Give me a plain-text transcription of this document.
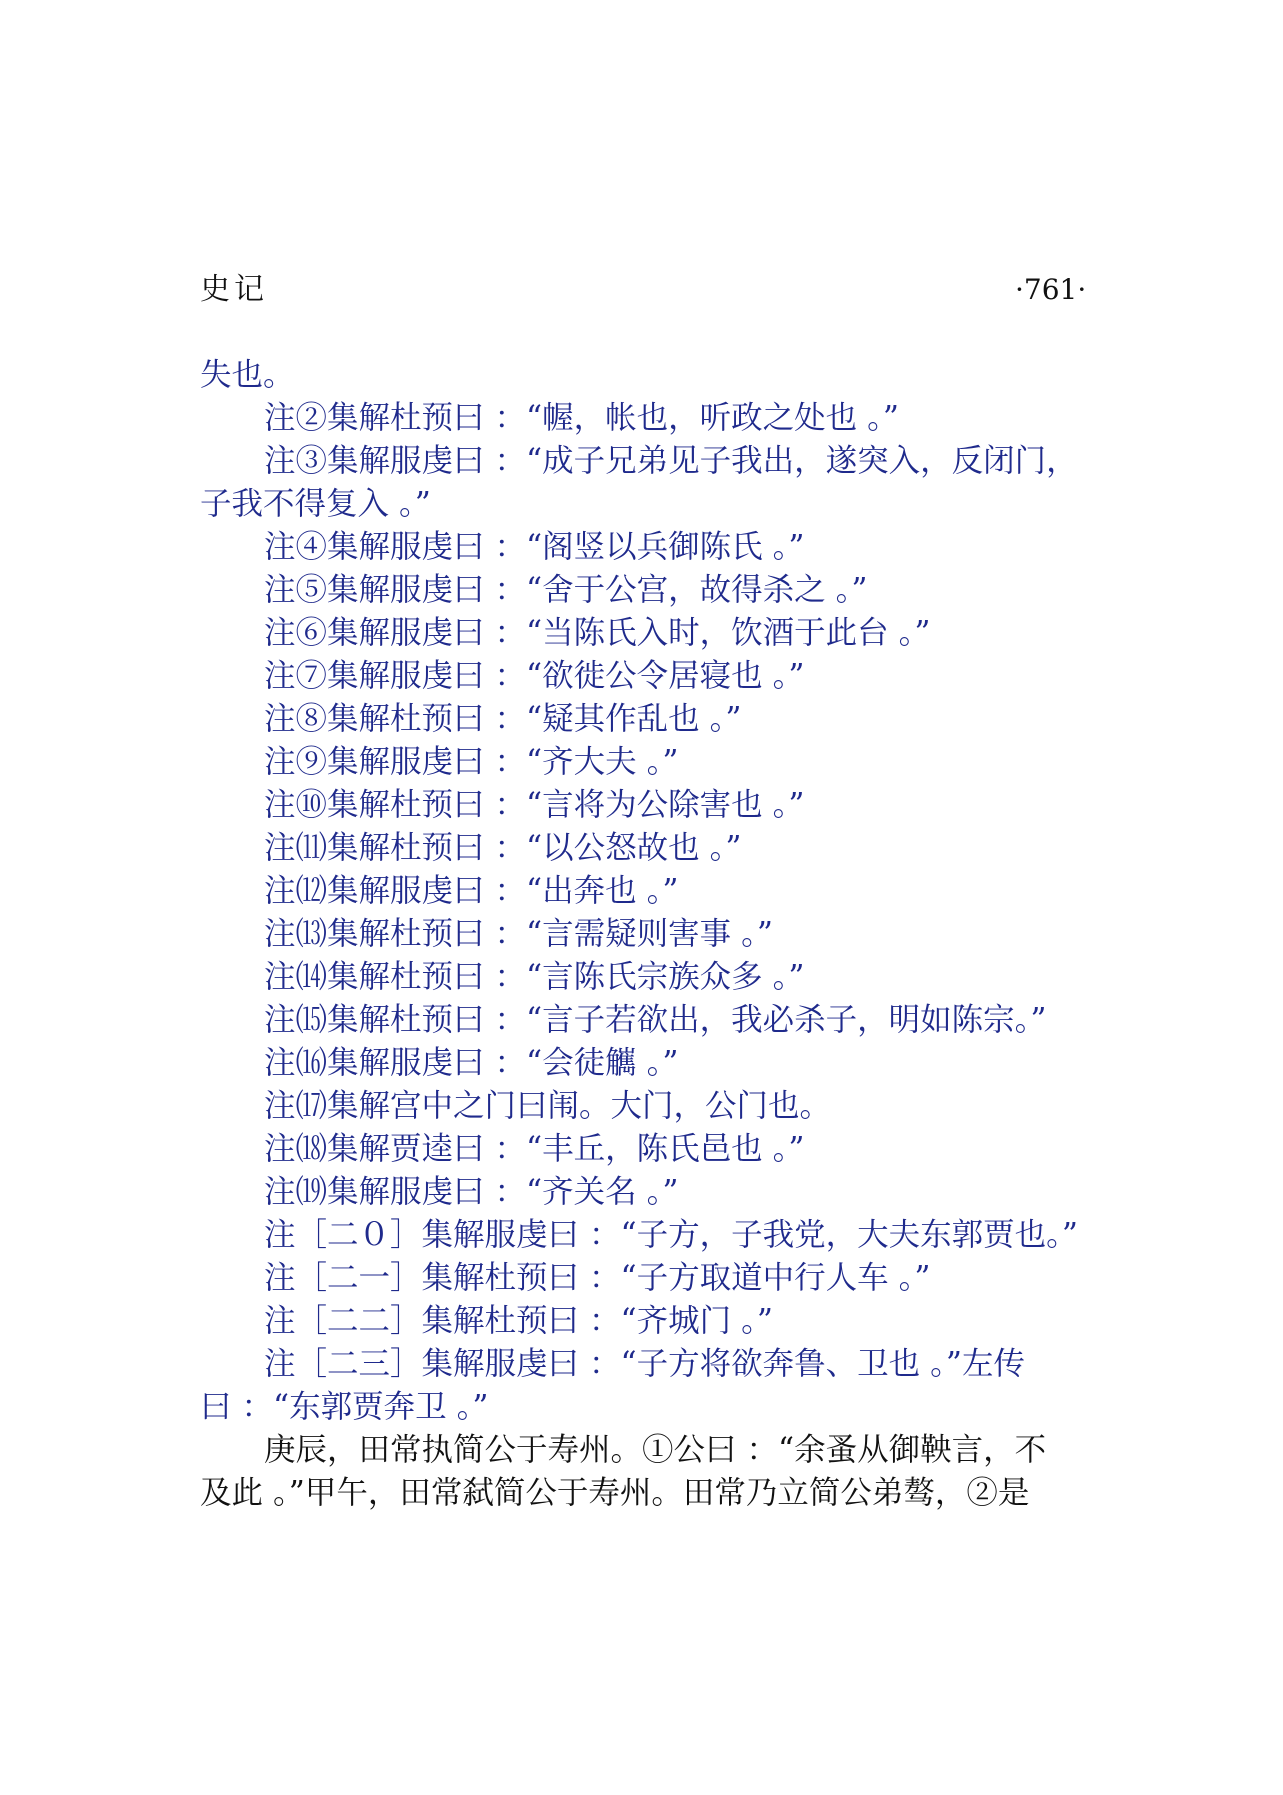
史记	·761·
失也。
注②集解杜预曰 ：“幄，帐也，听政之处也 。”
注③集解服虔曰 ：“成子兄弟见子我出，遂突入，反闭门，
子我不得复入 。”
注④集解服虔曰 ：“阁竖以兵御陈氏 。”
注⑤集解服虔曰 ：“舍于公宫，故得杀之 。”
注⑥集解服虔曰 ：“当陈氏入时，饮酒于此台 。”
注⑦集解服虔曰 ：“欲徙公令居寝也 。”
注⑧集解杜预曰 ：“疑其作乱也 。”
注⑨集解服虔曰 ：“齐大夫 。”
注⑩集解杜预曰 ：“言将为公除害也 。”
注⑾集解杜预曰 ：“以公怒故也 。”
注⑿集解服虔曰 ：“出奔也 。”
注⒀集解杜预曰 ：“言需疑则害事 。”
注⒁集解杜预曰 ：“言陈氏宗族众多 。”
注⒂集解杜预曰 ：“言子若欲出，我必杀子，明如陈宗。”
注⒃集解服虔曰 ：“会徒觽 。”
注⒄集解宫中之门曰闱。大门，公门也。
注⒅集解贾逵曰 ：“丰丘，陈氏邑也 。”
注⒆集解服虔曰 ：“齐关名 。”
注［二０］集解服虔曰 ：“子方，子我党，大夫东郭贾也。”
注［二一］集解杜预曰 ：“子方取道中行人车 。”
注［二二］集解杜预曰 ：“齐城门 。”
注［二三］集解服虔曰 ：“子方将欲奔鲁、卫也 。”左传
曰 ：“东郭贾奔卫 。”
庚辰，田常执简公于寿州。①公曰 ：“余蚤从御鞅言，不
及此 。”甲午，田常弑简公于寿州。田常乃立简公弟骜，②是
